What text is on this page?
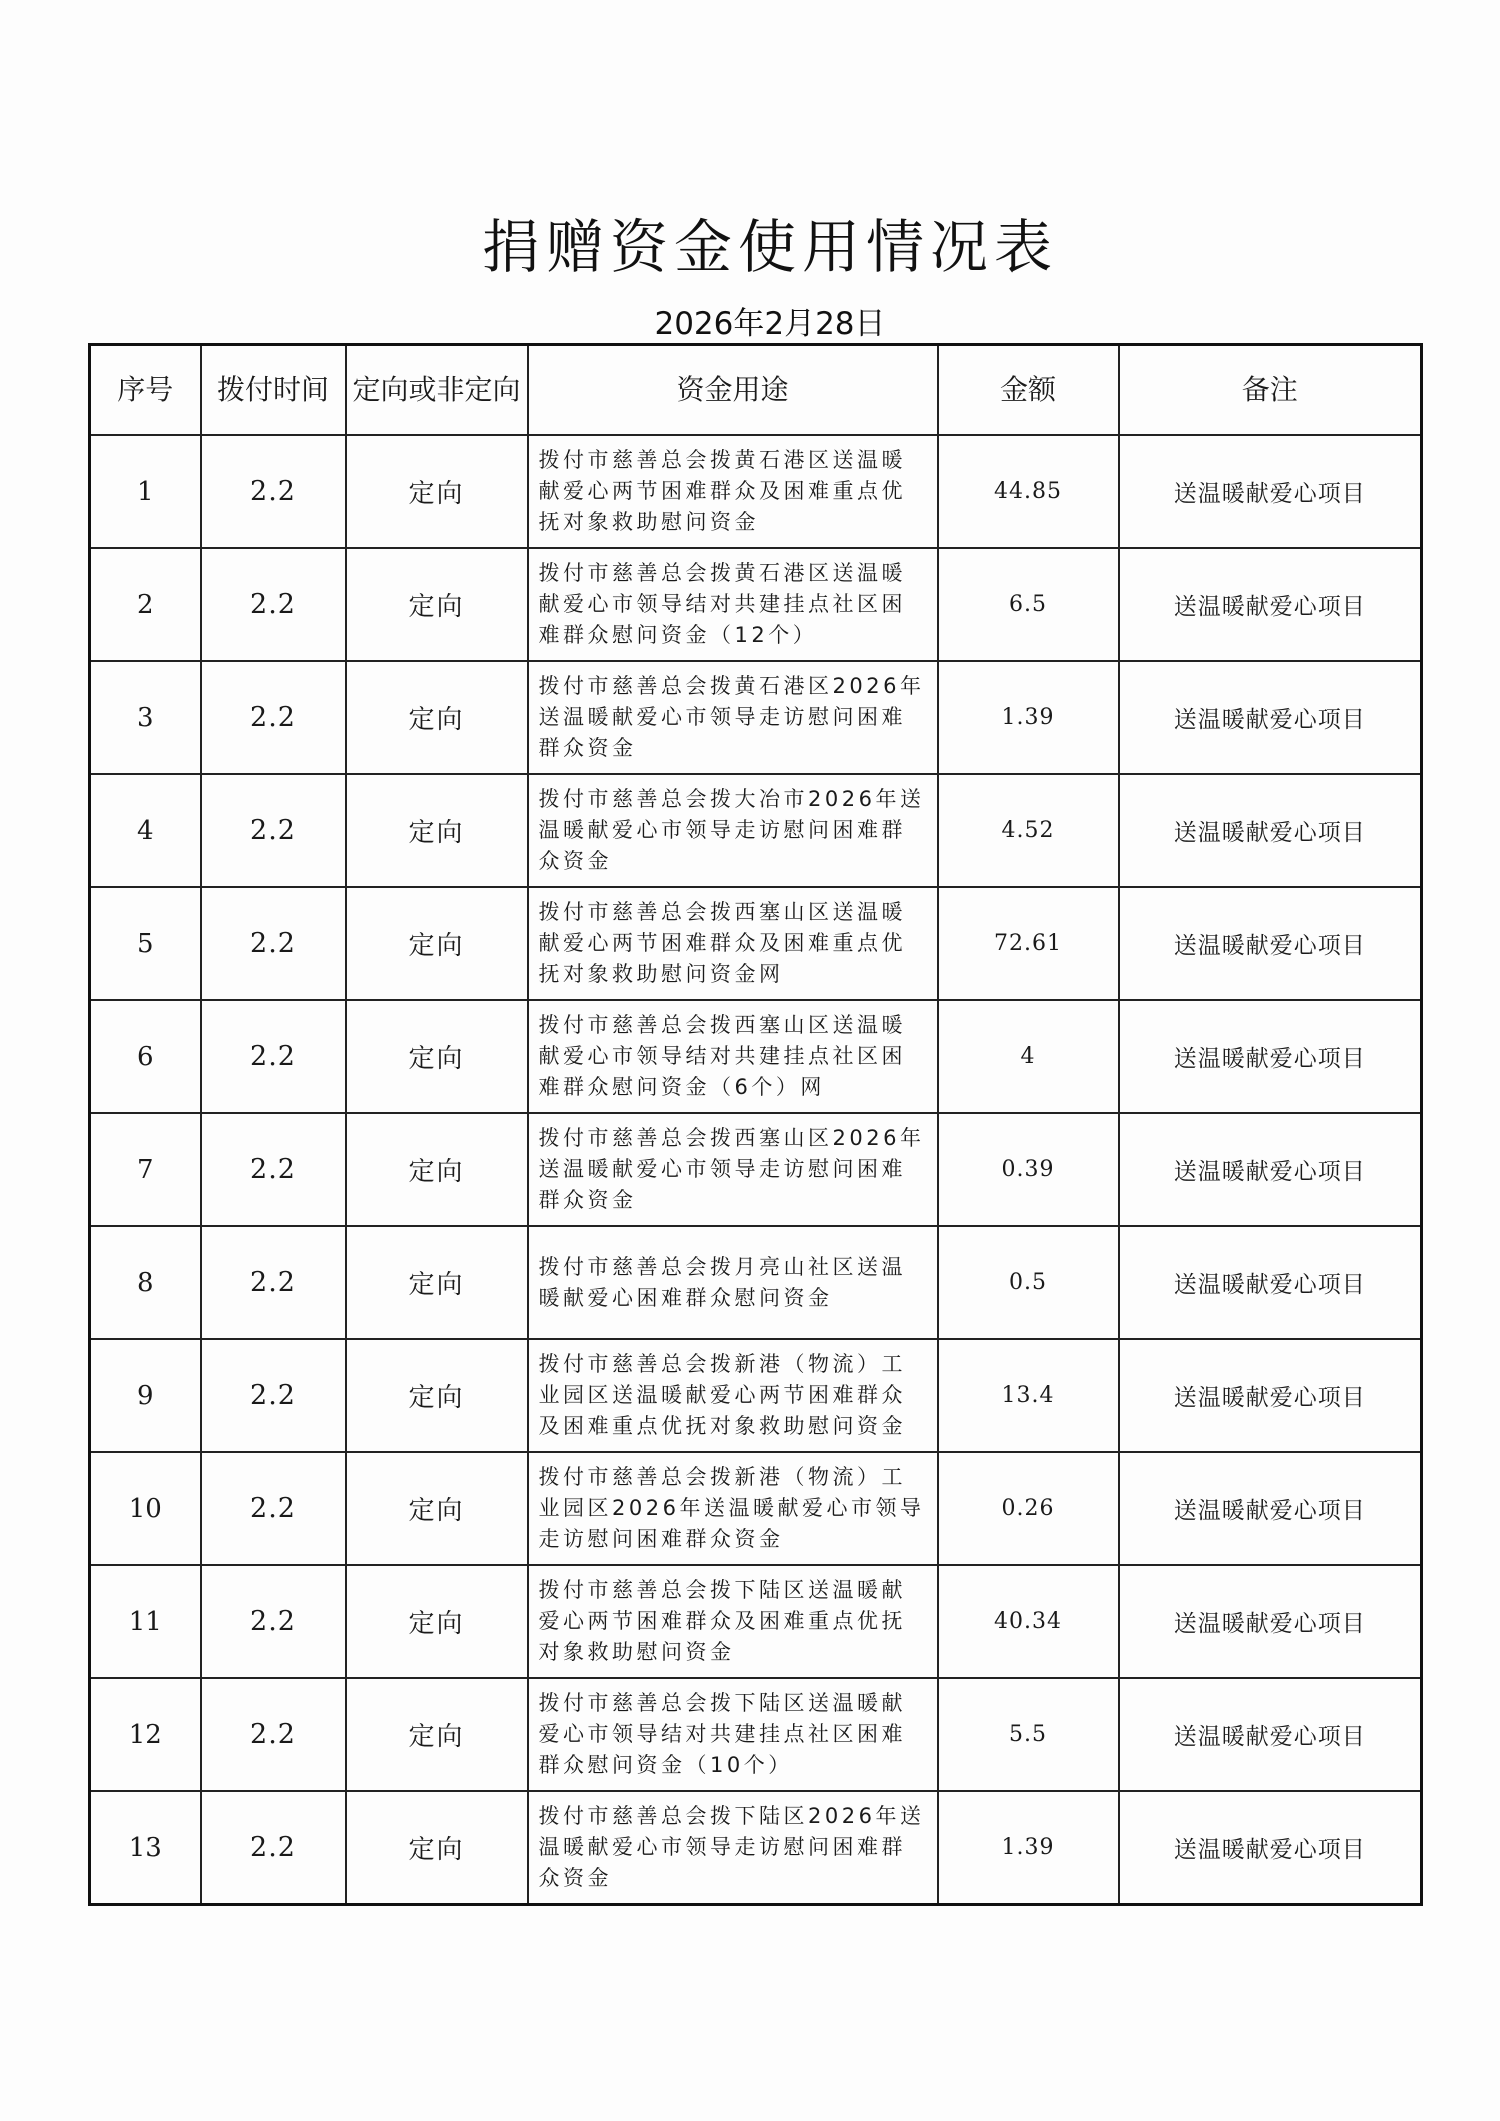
捐赠资金使用情况表
2026年2月28日
序号	拨付时间	定向或非定向	资金用途	金额	备注
1	2.2	定向	拨付市慈善总会拨黄石港区送温暖献爱心两节困难群众及困难重点优抚对象救助慰问资金	44.85	送温暖献爱心项目
2	2.2	定向	拨付市慈善总会拨黄石港区送温暖献爱心市领导结对共建挂点社区困难群众慰问资金（12个）	6.5	送温暖献爱心项目
3	2.2	定向	拨付市慈善总会拨黄石港区2026年送温暖献爱心市领导走访慰问困难群众资金	1.39	送温暖献爱心项目
4	2.2	定向	拨付市慈善总会拨大冶市2026年送温暖献爱心市领导走访慰问困难群众资金	4.52	送温暖献爱心项目
5	2.2	定向	拨付市慈善总会拨西塞山区送温暖献爱心两节困难群众及困难重点优抚对象救助慰问资金网	72.61	送温暖献爱心项目
6	2.2	定向	拨付市慈善总会拨西塞山区送温暖献爱心市领导结对共建挂点社区困难群众慰问资金（6个）网	4	送温暖献爱心项目
7	2.2	定向	拨付市慈善总会拨西塞山区2026年送温暖献爱心市领导走访慰问困难群众资金	0.39	送温暖献爱心项目
8	2.2	定向	拨付市慈善总会拨月亮山社区送温暖献爱心困难群众慰问资金	0.5	送温暖献爱心项目
9	2.2	定向	拨付市慈善总会拨新港（物流）工业园区送温暖献爱心两节困难群众及困难重点优抚对象救助慰问资金	13.4	送温暖献爱心项目
10	2.2	定向	拨付市慈善总会拨新港（物流）工业园区2026年送温暖献爱心市领导走访慰问困难群众资金	0.26	送温暖献爱心项目
11	2.2	定向	拨付市慈善总会拨下陆区送温暖献爱心两节困难群众及困难重点优抚对象救助慰问资金	40.34	送温暖献爱心项目
12	2.2	定向	拨付市慈善总会拨下陆区送温暖献爱心市领导结对共建挂点社区困难群众慰问资金（10个）	5.5	送温暖献爱心项目
13	2.2	定向	拨付市慈善总会拨下陆区2026年送温暖献爱心市领导走访慰问困难群众资金	1.39	送温暖献爱心项目
